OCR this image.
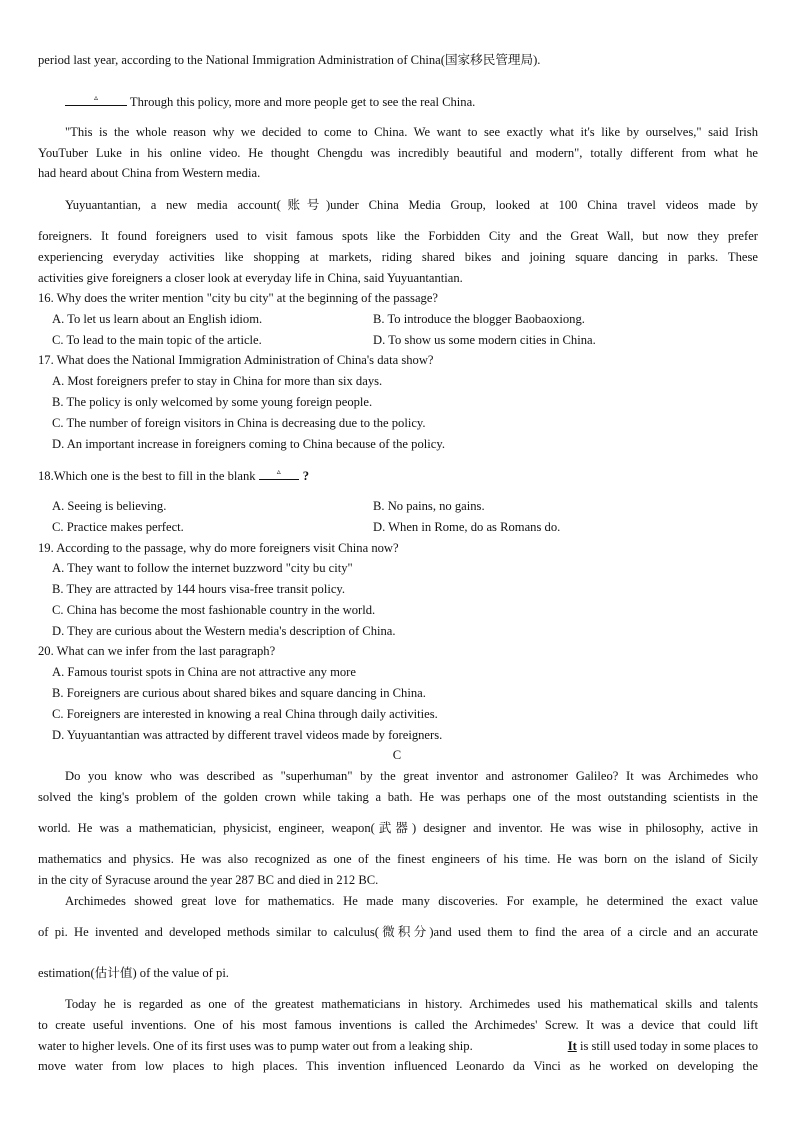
period last year, according to the National Immigration Administration of China(国家移民管理局).
▵ Through this policy, more and more people get to see the real China.
"This is the whole reason why we decided to come to China. We want to see exactly what it's like by ourselves," said Irish
YouTuber Luke in his online video. He thought Chengdu was incredibly beautiful and modern", totally different from what he
had heard about China from Western media.
Yuyuantantian, a new media account(账号)under China Media Group, looked at 100 China travel videos made by
foreigners. It found foreigners used to visit famous spots like the Forbidden City and the Great Wall, but now they prefer
experiencing everyday activities like shopping at markets, riding shared bikes and joining square dancing in parks. These
activities give foreigners a closer look at everyday life in China, said Yuyuantantian.
16. Why does the writer mention "city bu city" at the beginning of the passage?
A. To let us learn about an English idiom.	B. To introduce the blogger Baobaoxiong.
C. To lead to the main topic of the article.	D. To show us some modern cities in China.
17. What does the National Immigration Administration of China's data show?
A. Most foreigners prefer to stay in China for more than six days.
B. The policy is only welcomed by some young foreign people.
C. The number of foreign visitors in China is decreasing due to the policy.
D. An important increase in foreigners coming to China because of the policy.
18.Which one is the best to fill in the blank ▵ ?
A. Seeing is believing.	B. No pains, no gains.
C. Practice makes perfect.	D. When in Rome, do as Romans do.
19. According to the passage, why do more foreigners visit China now?
A. They want to follow the internet buzzword "city bu city"
B. They are attracted by 144 hours visa-free transit policy.
C. China has become the most fashionable country in the world.
D. They are curious about the Western media's description of China.
20. What can we infer from the last paragraph?
A. Famous tourist spots in China are not attractive any more
B. Foreigners are curious about shared bikes and square dancing in China.
C. Foreigners are interested in knowing a real China through daily activities.
D. Yuyuantantian was attracted by different travel videos made by foreigners.
C
Do you know who was described as "superhuman" by the great inventor and astronomer Galileo? It was Archimedes who
solved the king's problem of the golden crown while taking a bath. He was perhaps one of the most outstanding scientists in the
world. He was a mathematician, physicist, engineer, weapon(武器) designer and inventor. He was wise in philosophy, active in
mathematics and physics. He was also recognized as one of the finest engineers of his time. He was born on the island of Sicily
in the city of Syracuse around the year 287 BC and died in 212 BC.
Archimedes showed great love for mathematics. He made many discoveries. For example, he determined the exact value
of pi. He invented and developed methods similar to calculus(微积分)and used them to find the area of a circle and an accurate
estimation(估计值) of the value of pi.
Today he is regarded as one of the greatest mathematicians in history. Archimedes used his mathematical skills and talents
to create useful inventions. One of his most famous inventions is called the Archimedes' Screw. It was a device that could lift
water to higher levels. One of its first uses was to pump water out from a leaking ship.	It is still used today in some places to
move water from low places to high places. This invention influenced Leonardo da Vinci as he worked on developing the
